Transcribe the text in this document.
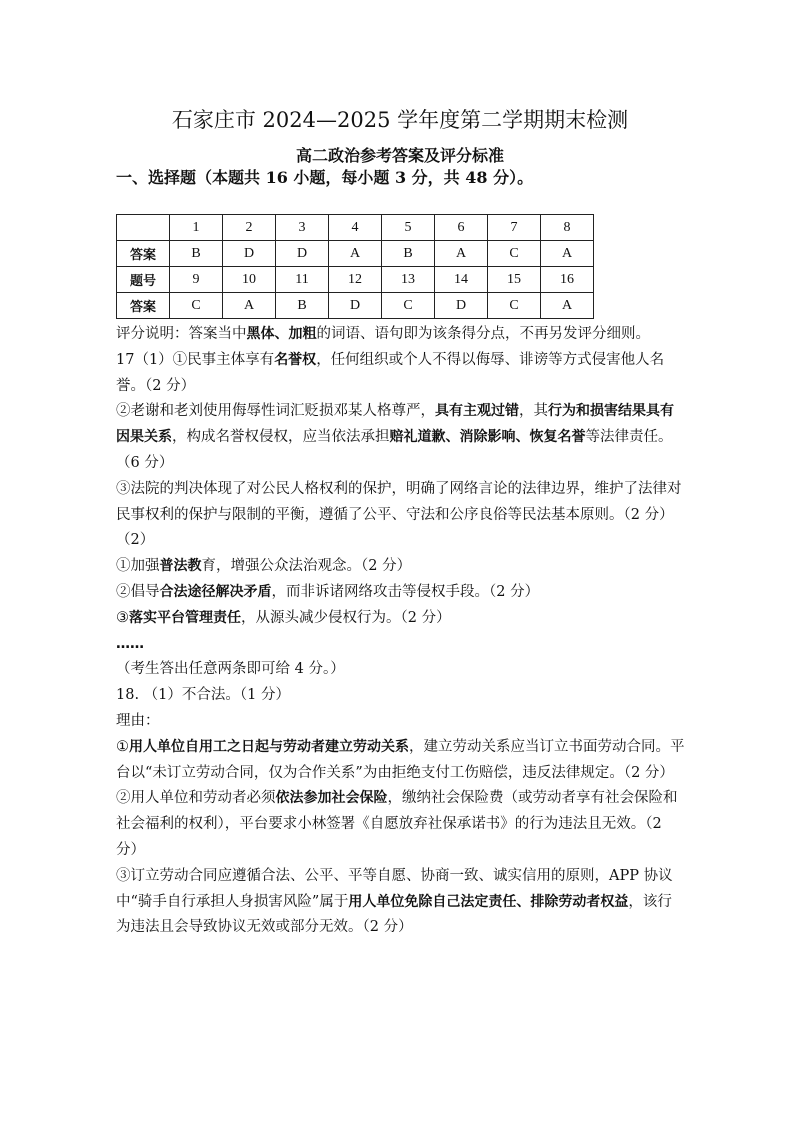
石家庄市 2024—2025 学年度第二学期期末检测
高二政治参考答案及评分标准
一、选择题（本题共 16 小题，每小题 3 分，共 48 分）。
	1	2	3	4	5	6	7	8
答案	B	D	D	A	B	A	C	A
题号	9	10	11	12	13	14	15	16
答案	C	A	B	D	C	D	C	A

评分说明：答案当中黑体、加粗的词语、语句即为该条得分点，不再另发评分细则。

17（1）①民事主体享有名誉权，任何组织或个人不得以侮辱、诽谤等方式侵害他人名誉。（2 分）

②老谢和老刘使用侮辱性词汇贬损邓某人格尊严，具有主观过错，其行为和损害结果具有因果关系，构成名誉权侵权，应当依法承担赔礼道歉、消除影响、恢复名誉等法律责任。（6 分）

③法院的判决体现了对公民人格权利的保护，明确了网络言论的法律边界，维护了法律对民事权利的保护与限制的平衡，遵循了公平、守法和公序良俗等民法基本原则。（2 分）

（2）

①加强普法教育，增强公众法治观念。（2 分）

②倡导合法途径解决矛盾，而非诉诸网络攻击等侵权手段。（2 分）

③落实平台管理责任，从源头减少侵权行为。（2 分）

……

（考生答出任意两条即可给 4 分。）

18. （1）不合法。（1 分）

理由：

①用人单位自用工之日起与劳动者建立劳动关系，建立劳动关系应当订立书面劳动合同。平台以“未订立劳动合同，仅为合作关系”为由拒绝支付工伤赔偿，违反法律规定。（2 分）

②用人单位和劳动者必须依法参加社会保险，缴纳社会保险费（或劳动者享有社会保险和社会福利的权利），平台要求小林签署《自愿放弃社保承诺书》的行为违法且无效。（2 分）

③订立劳动合同应遵循合法、公平、平等自愿、协商一致、诚实信用的原则，APP 协议中“骑手自行承担人身损害风险”属于用人单位免除自己法定责任、排除劳动者权益，该行为违法且会导致协议无效或部分无效。（2 分）
